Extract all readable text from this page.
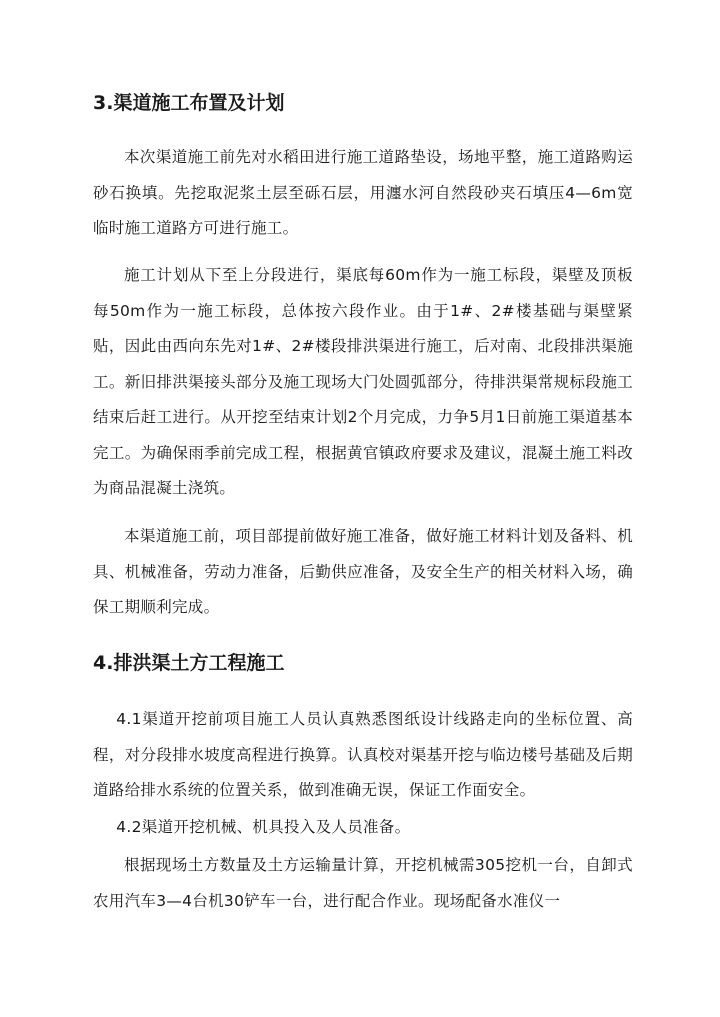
3.渠道施工布置及计划

本次渠道施工前先对水稻田进行施工道路垫设，场地平整，施工道路购运砂石换填。先挖取泥浆土层至砾石层，用瀍水河自然段砂夹石填压4—6m宽临时施工道路方可进行施工。

施工计划从下至上分段进行，渠底每60m作为一施工标段，渠壁及顶板每50m作为一施工标段，总体按六段作业。由于1#、2#楼基础与渠壁紧贴，因此由西向东先对1#、2#楼段排洪渠进行施工，后对南、北段排洪渠施工。新旧排洪渠接头部分及施工现场大门处圆弧部分，待排洪渠常规标段施工结束后赶工进行。从开挖至结束计划2个月完成，力争5月1日前施工渠道基本完工。为确保雨季前完成工程，根据黄官镇政府要求及建议，混凝土施工料改为商品混凝土浇筑。

本渠道施工前，项目部提前做好施工准备，做好施工材料计划及备料、机具、机械准备，劳动力准备，后勤供应准备，及安全生产的相关材料入场，确保工期顺利完成。

4.排洪渠土方工程施工

4.1渠道开挖前项目施工人员认真熟悉图纸设计线路走向的坐标位置、高程，对分段排水坡度高程进行换算。认真校对渠基开挖与临边楼号基础及后期道路给排水系统的位置关系，做到准确无误，保证工作面安全。

4.2渠道开挖机械、机具投入及人员准备。

根据现场土方数量及土方运输量计算，开挖机械需305挖机一台，自卸式农用汽车3—4台机30铲车一台，进行配合作业。现场配备水准仪一
